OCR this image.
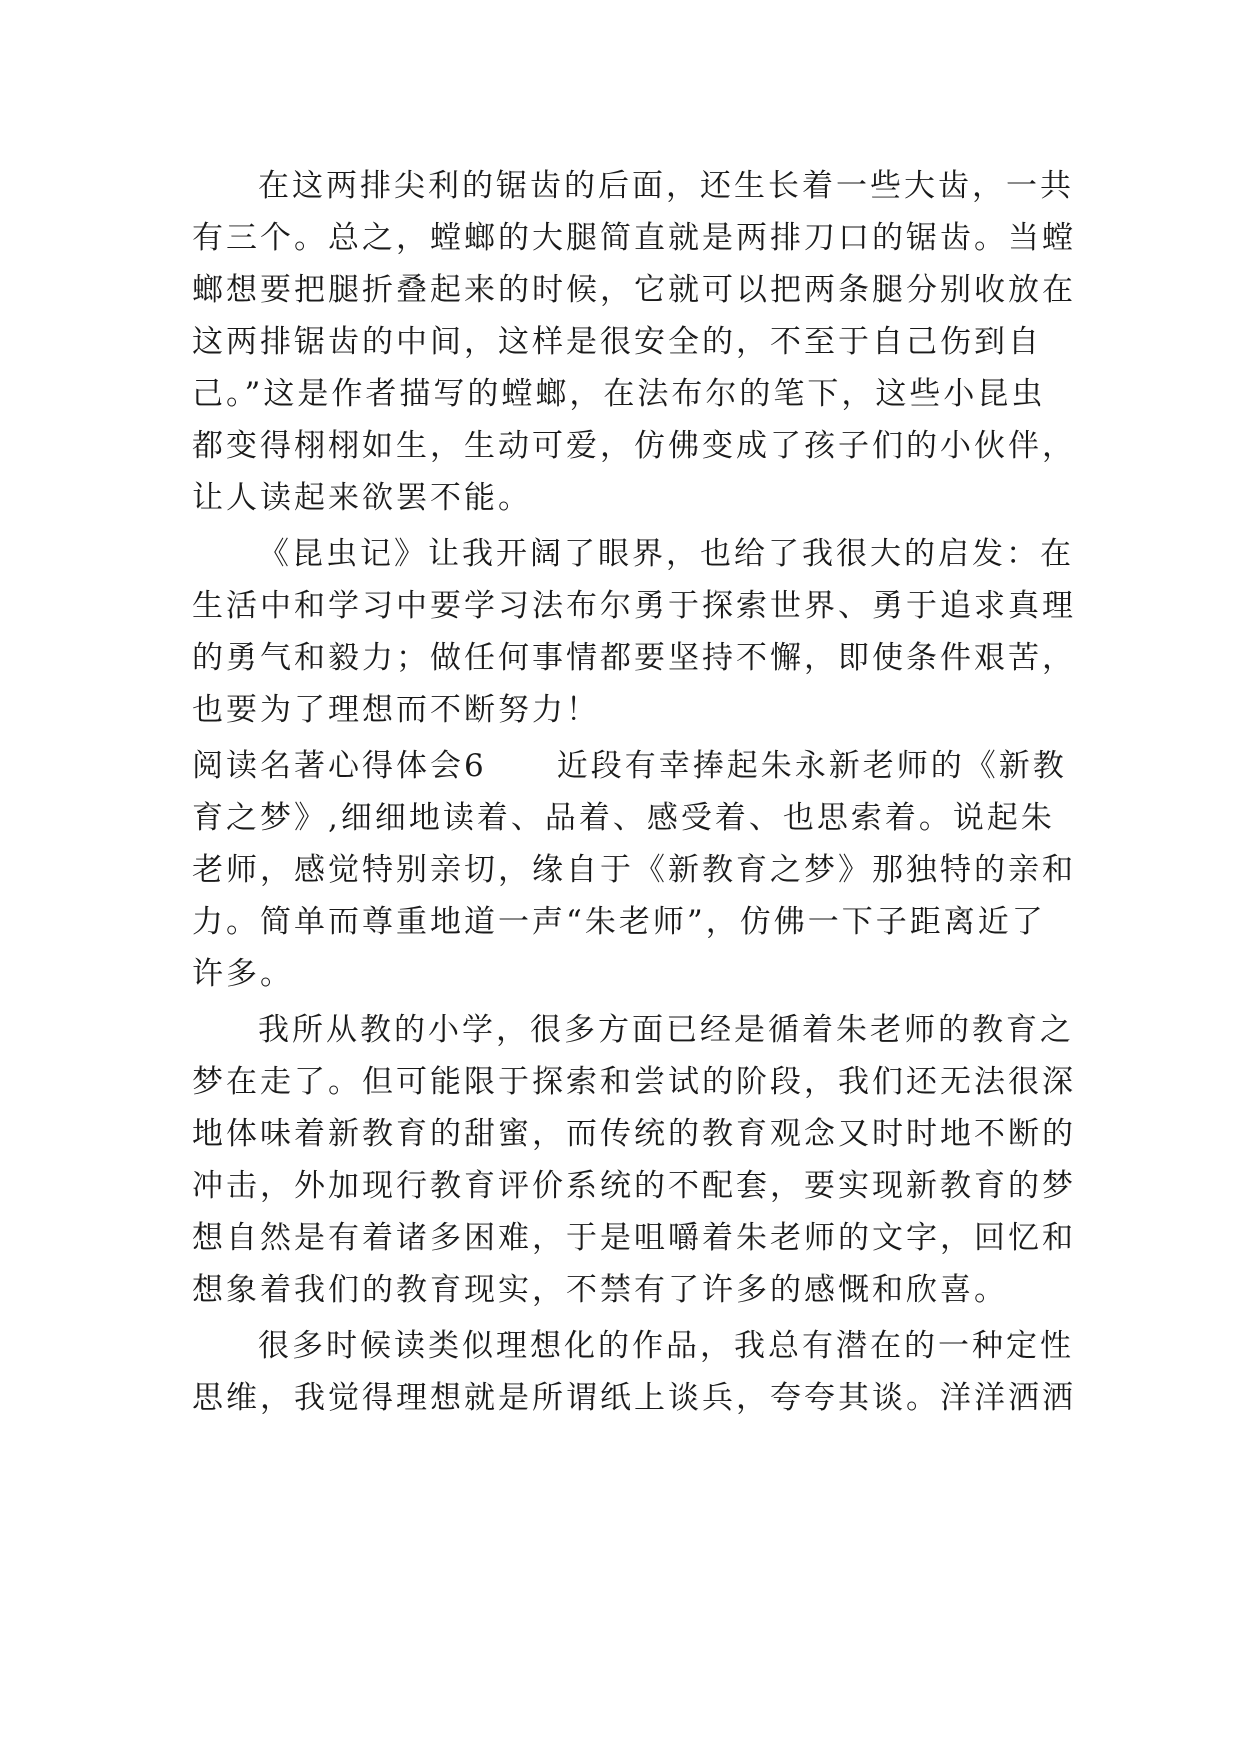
在这两排尖利的锯齿的后面，还生长着一些大齿，一共
有三个。总之，螳螂的大腿简直就是两排刀口的锯齿。当螳
螂想要把腿折叠起来的时候，它就可以把两条腿分别收放在
这两排锯齿的中间，这样是很安全的，不至于自己伤到自
己。”这是作者描写的螳螂，在法布尔的笔下，这些小昆虫
都变得栩栩如生，生动可爱，仿佛变成了孩子们的小伙伴，
让人读起来欲罢不能。
《昆虫记》让我开阔了眼界，也给了我很大的启发：在
生活中和学习中要学习法布尔勇于探索世界、勇于追求真理
的勇气和毅力；做任何事情都要坚持不懈，即使条件艰苦，
也要为了理想而不断努力！
阅读名著心得体会6	近段有幸捧起朱永新老师的《新教
育之梦》,细细地读着、品着、感受着、也思索着。说起朱
老师，感觉特别亲切，缘自于《新教育之梦》那独特的亲和
力。简单而尊重地道一声“朱老师”，仿佛一下子距离近了
许多。
我所从教的小学，很多方面已经是循着朱老师的教育之
梦在走了。但可能限于探索和尝试的阶段，我们还无法很深
地体味着新教育的甜蜜，而传统的教育观念又时时地不断的
冲击，外加现行教育评价系统的不配套，要实现新教育的梦
想自然是有着诸多困难，于是咀嚼着朱老师的文字，回忆和
想象着我们的教育现实，不禁有了许多的感慨和欣喜。
很多时候读类似理想化的作品，我总有潜在的一种定性
思维，我觉得理想就是所谓纸上谈兵，夸夸其谈。洋洋洒洒
